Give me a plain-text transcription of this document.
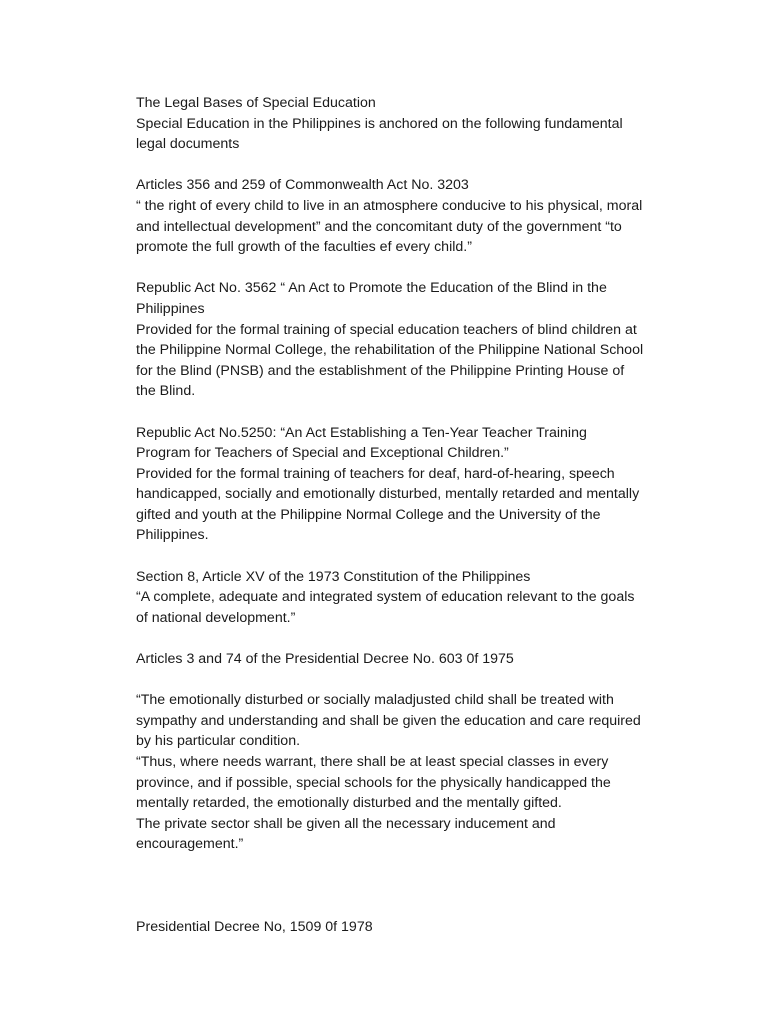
The Legal Bases of Special Education
Special Education in the Philippines is anchored on the following fundamental
legal documents
Articles 356 and 259 of Commonwealth Act No. 3203
“ the right of every child to live in an atmosphere conducive to his physical, moral
and intellectual development” and the concomitant duty of the government “to
promote the full growth of the faculties ef every child.”
Republic Act No. 3562 “ An Act to Promote the Education of the Blind in the
Philippines
Provided for the formal training of special education teachers of blind children at
the Philippine Normal College, the rehabilitation of the Philippine National School
for the Blind (PNSB) and the establishment of the Philippine Printing House of
the Blind.
Republic Act No.5250: “An Act Establishing a Ten-Year Teacher Training
Program for Teachers of Special and Exceptional Children.”
Provided for the formal training of teachers for deaf, hard-of-hearing, speech
handicapped, socially and emotionally disturbed, mentally retarded and mentally
gifted and youth at the Philippine Normal College and the University of the
Philippines.
Section 8, Article XV of the 1973 Constitution of the Philippines
“A complete, adequate and integrated system of education relevant to the goals
of national development.”
Articles 3 and 74 of the Presidential Decree No. 603 0f 1975
“The emotionally disturbed or socially maladjusted child shall be treated with
sympathy and understanding and shall be given the education and care required
by his particular condition.
“Thus, where needs warrant, there shall be at least special classes in every
province, and if possible, special schools for the physically handicapped the
mentally retarded, the emotionally disturbed and the mentally gifted.
The private sector shall be given all the necessary inducement and
encouragement.”
Presidential Decree No, 1509 0f 1978
